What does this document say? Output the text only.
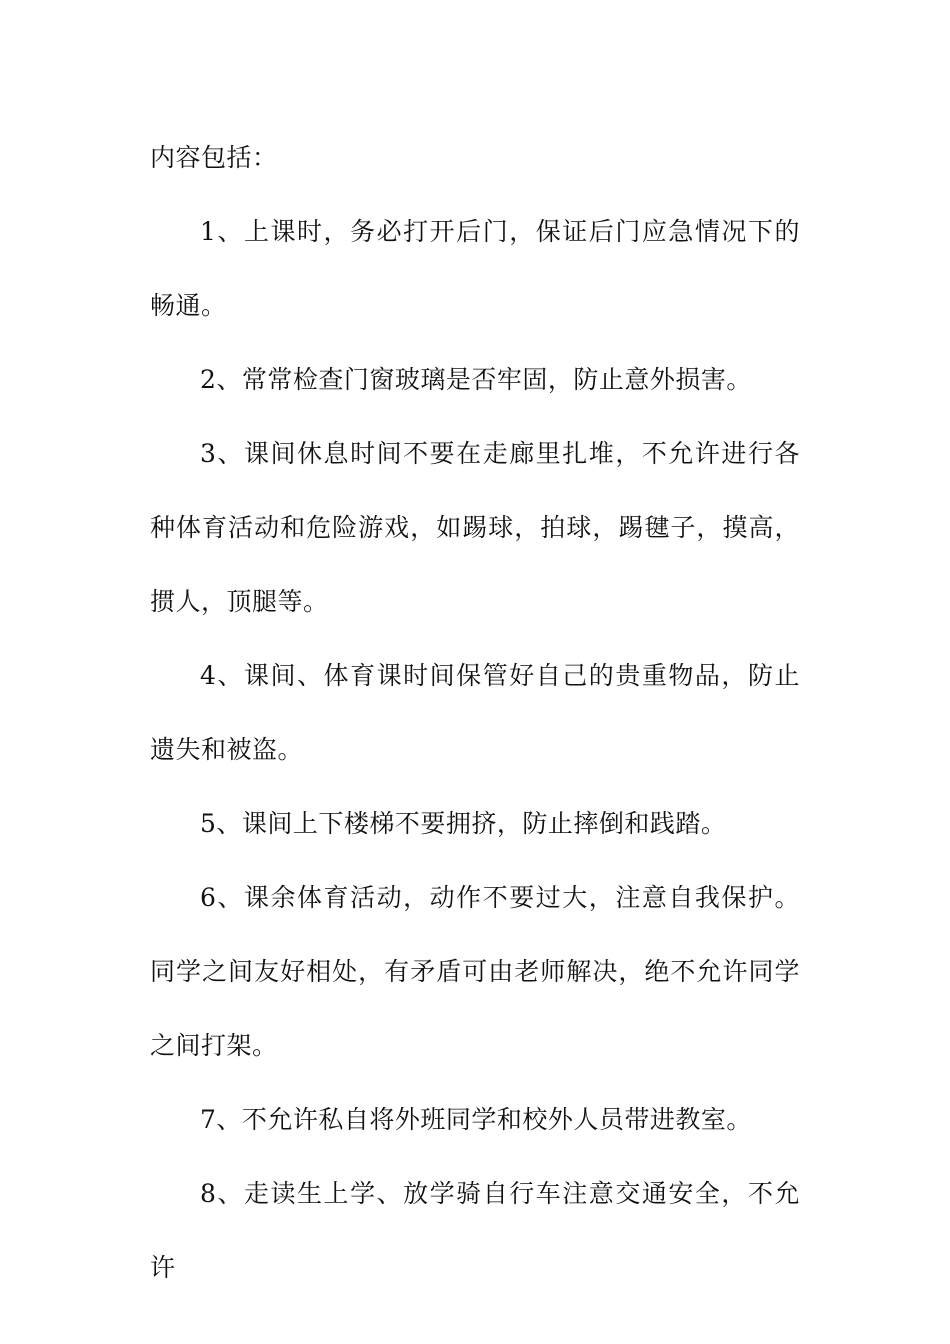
内容包括：

1、上课时，务必打开后门，保证后门应急情况下的畅通。

2、常常检查门窗玻璃是否牢固，防止意外损害。

3、课间休息时间不要在走廊里扎堆，不允许进行各种体育活动和危险游戏，如踢球，拍球，踢毽子，摸高，掼人，顶腿等。

4、课间、体育课时间保管好自己的贵重物品，防止遗失和被盗。

5、课间上下楼梯不要拥挤，防止摔倒和践踏。

6、课余体育活动，动作不要过大，注意自我保护。同学之间友好相处，有矛盾可由老师解决，绝不允许同学之间打架。

7、不允许私自将外班同学和校外人员带进教室。

8、走读生上学、放学骑自行车注意交通安全，不允许
